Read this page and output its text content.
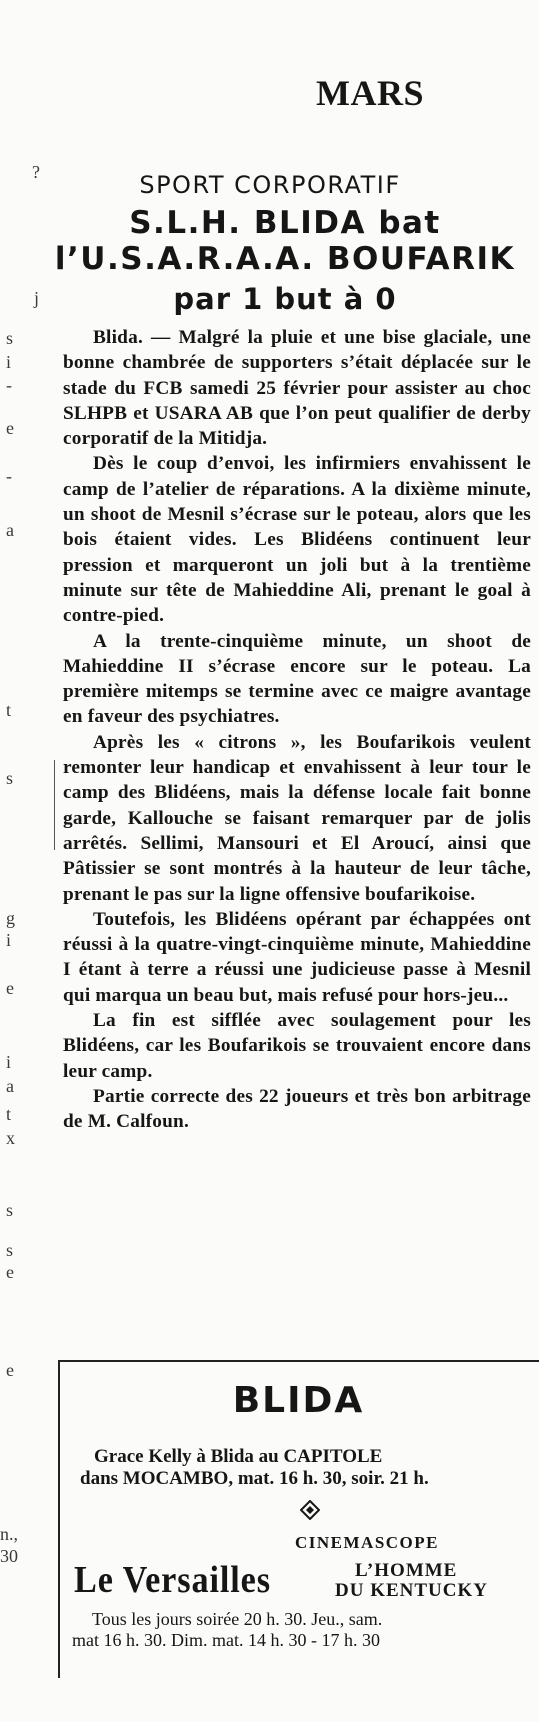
MARS
?
j
s
i
-
e
-
a
t
s
g
i
e
i
a
t
x
s
s
e
e
n.,
30
SPORT CORPORATIF
S.L.H. BLIDA bat
l’U.S.A.R.A.A. BOUFARIK
par 1 but à 0

Blida. — Malgré la pluie et une bise glaciale, une bonne chambrée de supporters s’était déplacée sur le stade du FCB samedi 25 février pour assister au choc SLHPB et USARA AB que l’on peut qualifier de derby corporatif de la Mitidja.

Dès le coup d’envoi, les infirmiers envahissent le camp de l’atelier de réparations. A la dixième minute, un shoot de Mesnil s’écrase sur le poteau, alors que les bois étaient vides. Les Blidéens continuent leur pression et marqueront un joli but à la trentième minute sur tête de Mahieddine Ali, prenant le goal à contre-pied.

A la trente-cinquième minute, un shoot de Mahieddine II s’écrase encore sur le poteau. La première mitemps se termine avec ce maigre avantage en faveur des psychiatres.

Après les « citrons », les Boufarikois veulent remonter leur handicap et envahissent à leur tour le camp des Blidéens, mais la défense locale fait bonne garde, Kallouche se faisant remarquer par de jolis arrêtés. Sellimi, Mansouri et El Aroucí, ainsi que Pâtissier se sont montrés à la hauteur de leur tâche, prenant le pas sur la ligne offensive boufarikoise.

Toutefois, les Blidéens opérant par échappées ont réussi à la quatre-vingt-cinquième minute, Mahieddine I étant à terre a réussi une judicieuse passe à Mesnil qui marqua un beau but, mais refusé pour hors-jeu...

La fin est sifflée avec soulagement pour les Blidéens, car les Boufarikois se trouvaient encore dans leur camp.

Partie correcte des 22 joueurs et très bon arbitrage de M. Calfoun.

BLIDA
Grace Kelly à Blida au CAPITOLE
dans MOCAMBO, mat. 16 h. 30, soir. 21 h.
CINEMASCOPE
Le Versailles	L’HOMME
DU KENTUCKY
Tous les jours soirée 20 h. 30. Jeu., sam.
mat 16 h. 30. Dim. mat. 14 h. 30 - 17 h. 30
